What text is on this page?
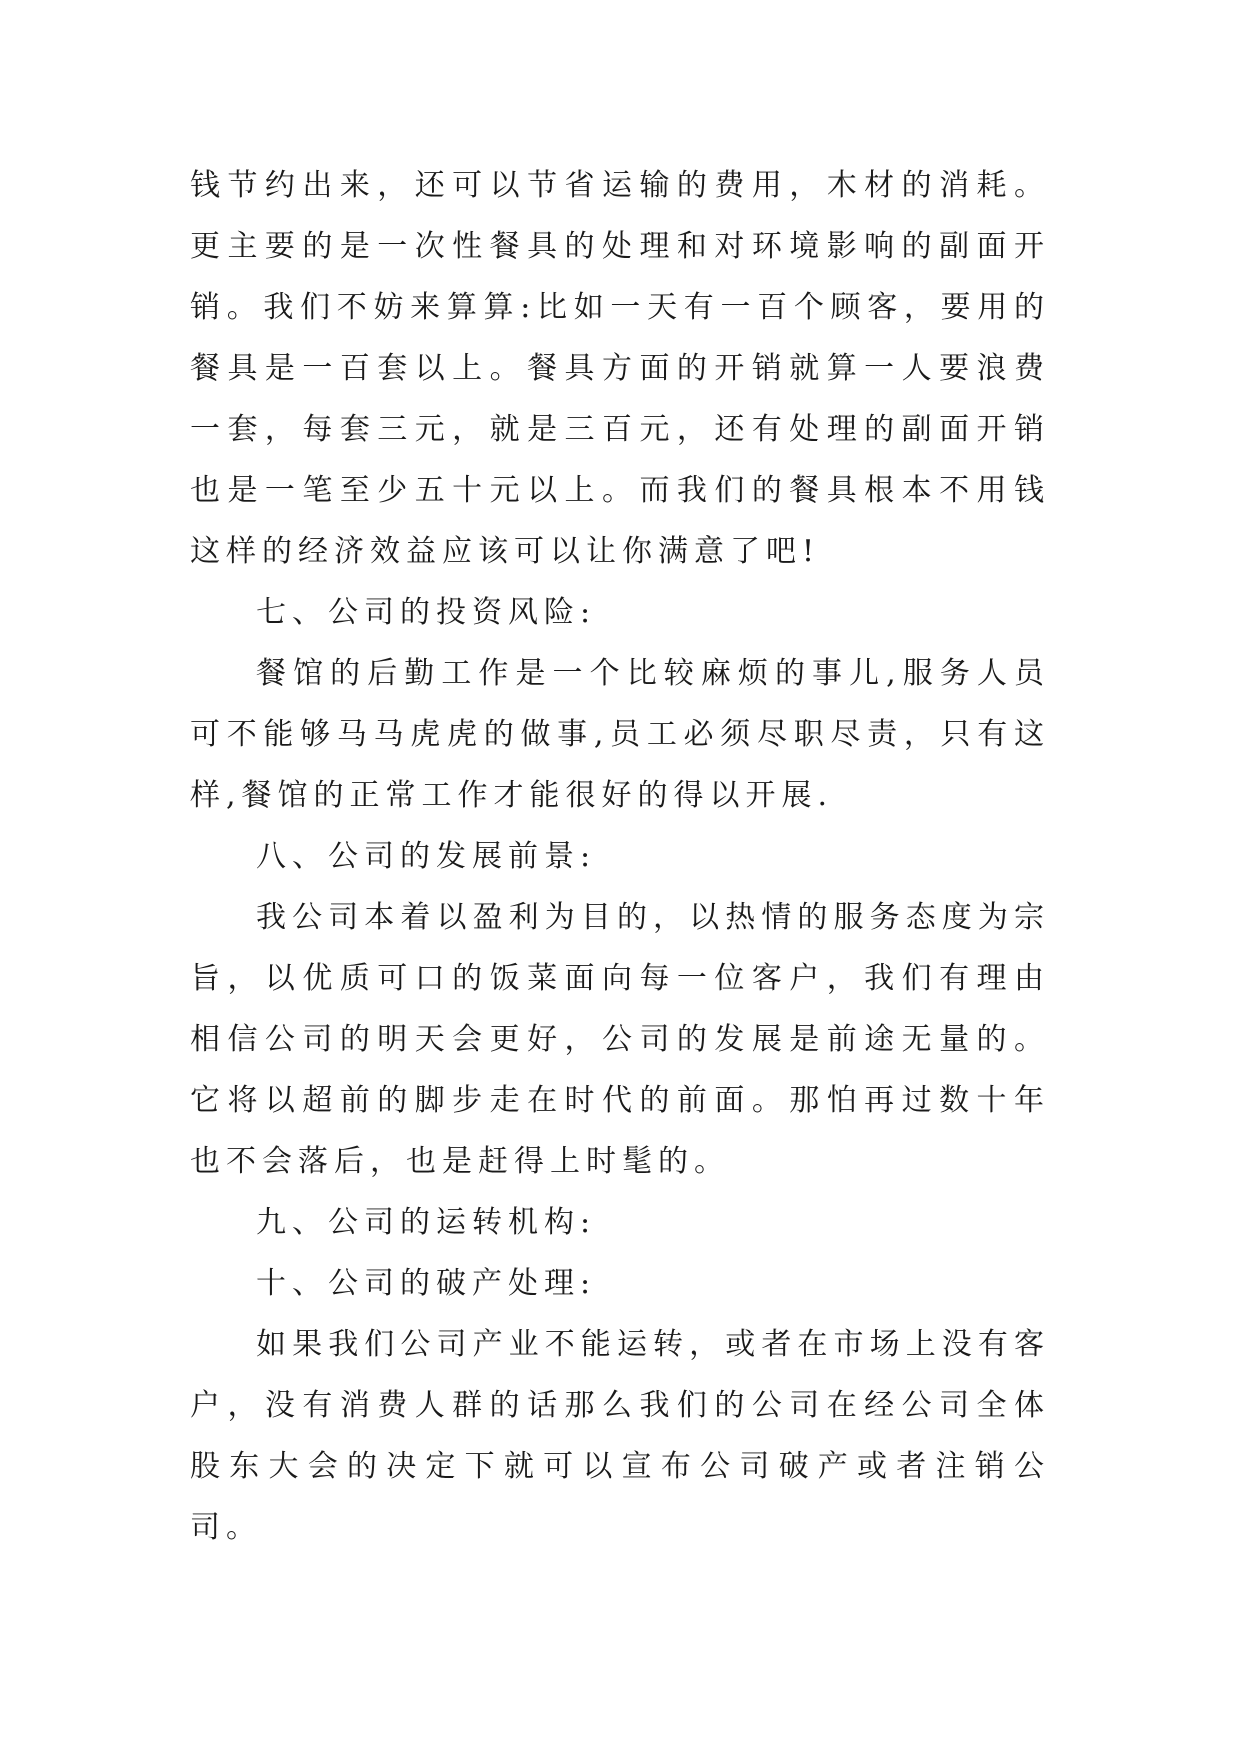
钱节约出来，还可以节省运输的费用，木材的消耗。更主要的是一次性餐具的处理和对环境影响的副面开销。我们不妨来算算:比如一天有一百个顾客，要用的餐具是一百套以上。餐具方面的开销就算一人要浪费一套，每套三元，就是三百元，还有处理的副面开销也是一笔至少五十元以上。而我们的餐具根本不用钱这样的经济效益应该可以让你满意了吧!

七、公司的投资风险:

餐馆的后勤工作是一个比较麻烦的事儿,服务人员可不能够马马虎虎的做事,员工必须尽职尽责，只有这样,餐馆的正常工作才能很好的得以开展.

八、公司的发展前景:

我公司本着以盈利为目的，以热情的服务态度为宗旨，以优质可口的饭菜面向每一位客户，我们有理由相信公司的明天会更好，公司的发展是前途无量的。它将以超前的脚步走在时代的前面。那怕再过数十年也不会落后，也是赶得上时髦的。

九、公司的运转机构:

十、公司的破产处理:

如果我们公司产业不能运转，或者在市场上没有客户，没有消费人群的话那么我们的公司在经公司全体股东大会的决定下就可以宣布公司破产或者注销公司。
